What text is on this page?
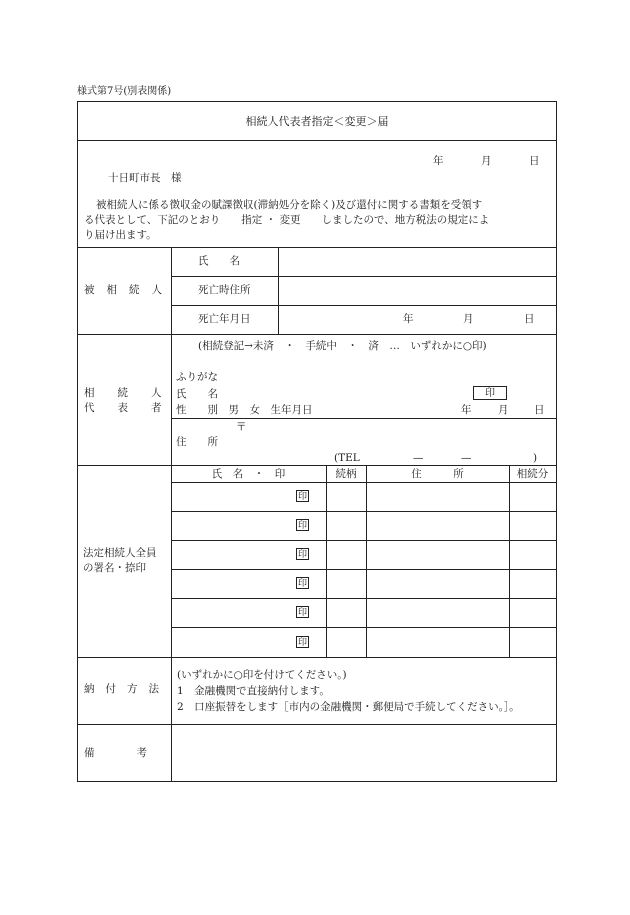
様式第7号(別表関係)
相続人代表者指定＜変更＞届
年	月	日
十日町市長　様
被相続人に係る徴収金の賦課徴収(滞納処分を除く)及び還付に関する書類を受領す
る代表として、下記のとおり　　指定 ・ 変更　　しましたので、地方税法の規定によ
り届け出ます。
被相続人
氏　　名
死亡時住所
死亡年月日	年	月	日
相続人
代表者
(相続登記→未済　・　手続中　・　済　…　いずれかに○印)
ふりがな
氏　　名	印
性　　別　男　女　生年月日	年	月 日
〒
住　　所
(TEL	—	—	)
法定相続人全員
の署名・捺印
氏　名　・　印	続柄	住　　　所	相続分
印
印
印
印
印
印
納付方法
(いずれかに○印を付けてください。)
1　金融機関で直接納付します。
2　口座振替をします［市内の金融機関・郵便局で手続してください。］。
備　　　　考
